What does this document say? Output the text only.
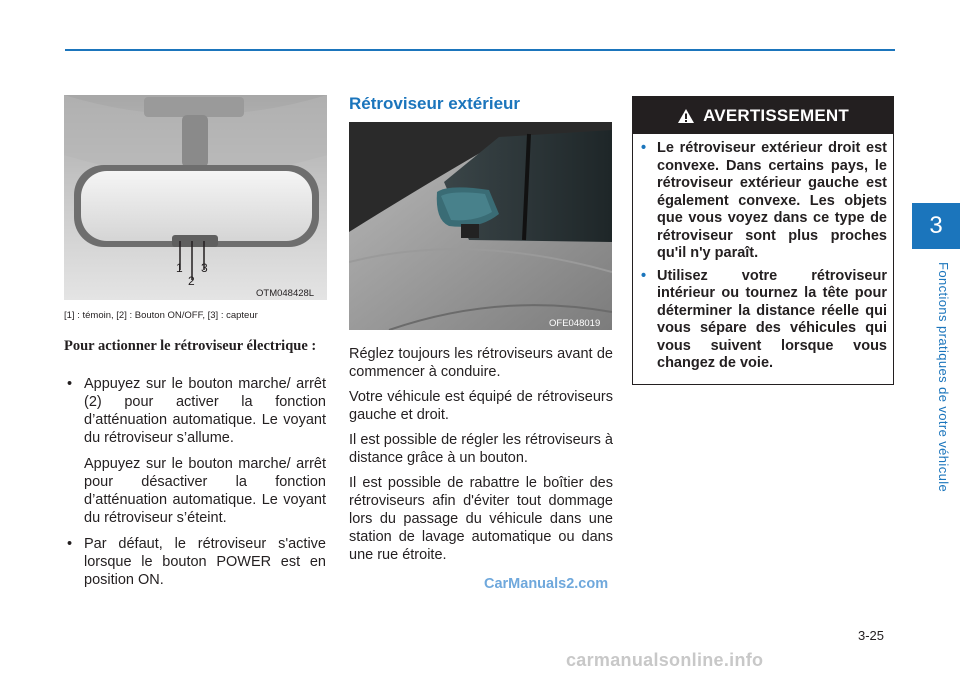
3
Fonctions pratiques de votre véhicule
1
2
3
OTM048428L
[1] : témoin, [2] : Bouton ON/OFF, [3] : capteur
Pour actionner le rétroviseur électrique :
• Appuyez sur le bouton marche/ arrêt (2) pour activer la fonction d’atténuation automatique. Le voyant du rétroviseur s’allume.

Appuyez sur le bouton marche/ arrêt pour désactiver la fonction d’atténuation automatique. Le voyant du rétroviseur s’éteint.

• Par défaut, le rétroviseur s'active lorsque le bouton POWER est en position ON.
Rétroviseur extérieur
OFE048019

Réglez toujours les rétroviseurs avant de commencer à conduire.

Votre véhicule est équipé de rétroviseurs gauche et droit.

Il est possible de régler les rétroviseurs à distance grâce à un bouton.

Il est possible de rabattre le boîtier des rétroviseurs afin d'éviter tout dommage lors du passage du véhicule dans une station de lavage automatique ou dans une rue étroite.

AVERTISSEMENT
• Le rétroviseur extérieur droit est convexe. Dans certains pays, le rétroviseur extérieur gauche est également convexe. Les objets que vous voyez dans ce type de rétroviseur sont plus proches qu'il n'y paraît.
• Utilisez votre rétroviseur intérieur ou tournez la tête pour déterminer la distance réelle qui vous sépare des véhicules qui vous suivent lorsque vous changez de voie.
CarManuals2.com
3-25
carmanualsonline.info
